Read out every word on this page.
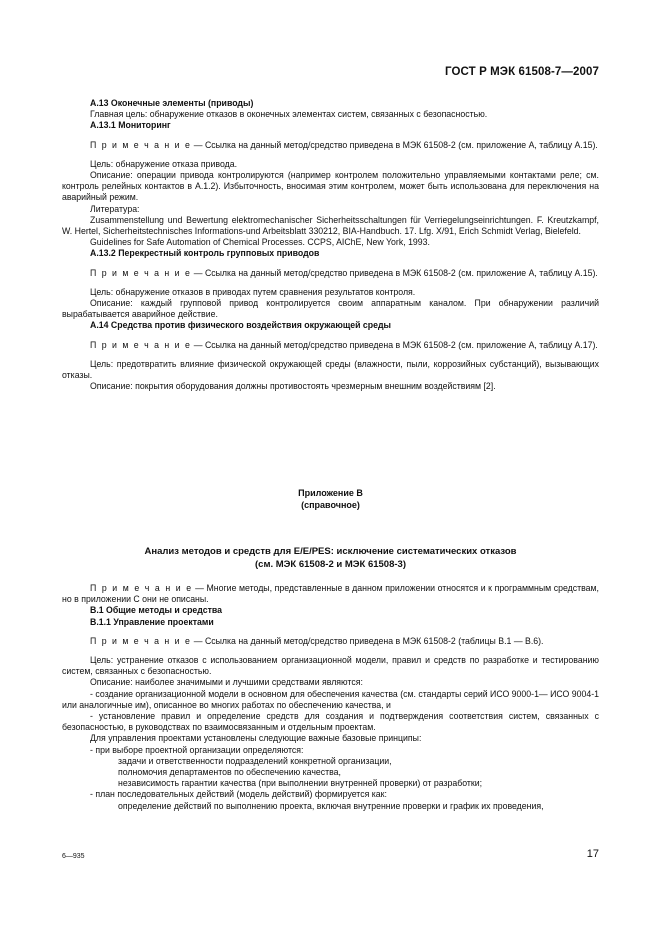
ГОСТ Р МЭК 61508-7—2007

А.13 Оконечные элементы (приводы)

Главная цель: обнаружение отказов в оконечных элементах систем, связанных с безопасностью.

А.13.1 Мониторинг

П р и м е ч а н и е — Ссылка на данный метод/средство приведена в МЭК 61508-2 (см. приложение А, таблицу А.15).

Цель: обнаружение отказа привода.

Описание: операции привода контролируются (например контролем положительно управляемыми контактами реле; см. контроль релейных контактов в А.1.2). Избыточность, вносимая этим контролем, может быть использована для переключения на аварийный режим.

Литература:

Zusammenstellung und Bewertung elektromechanischer Sicherheitsschaltungen für Verriegelungseinrichtungen. F. Kreutzkampf, W. Hertel, Sicherheitstechnisches Informations-und Arbeitsblatt 330212, BIA-Handbuch. 17. Lfg. X/91, Erich Schmidt Verlag, Bielefeld.

Guidelines for Safe Automation of Chemical Processes. CCPS, AIChE, New York, 1993.

А.13.2 Перекрестный контроль групповых приводов

П р и м е ч а н и е — Ссылка на данный метод/средство приведена в МЭК 61508-2 (см. приложение А, таблицу А.15).

Цель: обнаружение отказов в приводах путем сравнения результатов контроля.

Описание: каждый групповой привод контролируется своим аппаратным каналом. При обнаружении различий вырабатывается аварийное действие.

А.14 Средства против физического воздействия окружающей среды

П р и м е ч а н и е — Ссылка на данный метод/средство приведена в МЭК 61508-2 (см. приложение А, таблицу А.17).

Цель: предотвратить влияние физической окружающей среды (влажности, пыли, коррозийных субстанций), вызывающих отказы.

Описание: покрытия оборудования должны противостоять чрезмерным внешним воздействиям [2].

Приложение В
(справочное)
Анализ методов и средств для E/E/PES: исключение систематических отказов
(см. МЭК 61508-2 и МЭК 61508-3)

П р и м е ч а н и е — Многие методы, представленные в данном приложении относятся и к программным средствам, но в приложении С они не описаны.

В.1 Общие методы и средства

В.1.1 Управление проектами

П р и м е ч а н и е — Ссылка на данный метод/средство приведена в МЭК 61508-2 (таблицы В.1 — В.6).

Цель: устранение отказов с использованием организационной модели, правил и средств по разработке и тестированию систем, связанных с безопасностью.

Описание: наиболее значимыми и лучшими средствами являются:

- создание организационной модели в основном для обеспечения качества (см. стандарты серий ИСО 9000-1— ИСО 9004-1 или аналогичные им), описанное во многих работах по обеспечению качества, и

- установление правил и определение средств для создания и подтверждения соответствия систем, связанных с безопасностью, в руководствах по взаимосвязанным и отдельным проектам.

Для управления проектами установлены следующие важные базовые принципы:

- при выборе проектной организации определяются:

задачи и ответственности подразделений конкретной организации,

полномочия департаментов по обеспечению качества,

независимость гарантии качества (при выполнении внутренней проверки) от разработки;

- план последовательных действий (модель действий) формируется как:

определение действий по выполнению проекта, включая внутренние проверки и график их проведения,

6—935	17
